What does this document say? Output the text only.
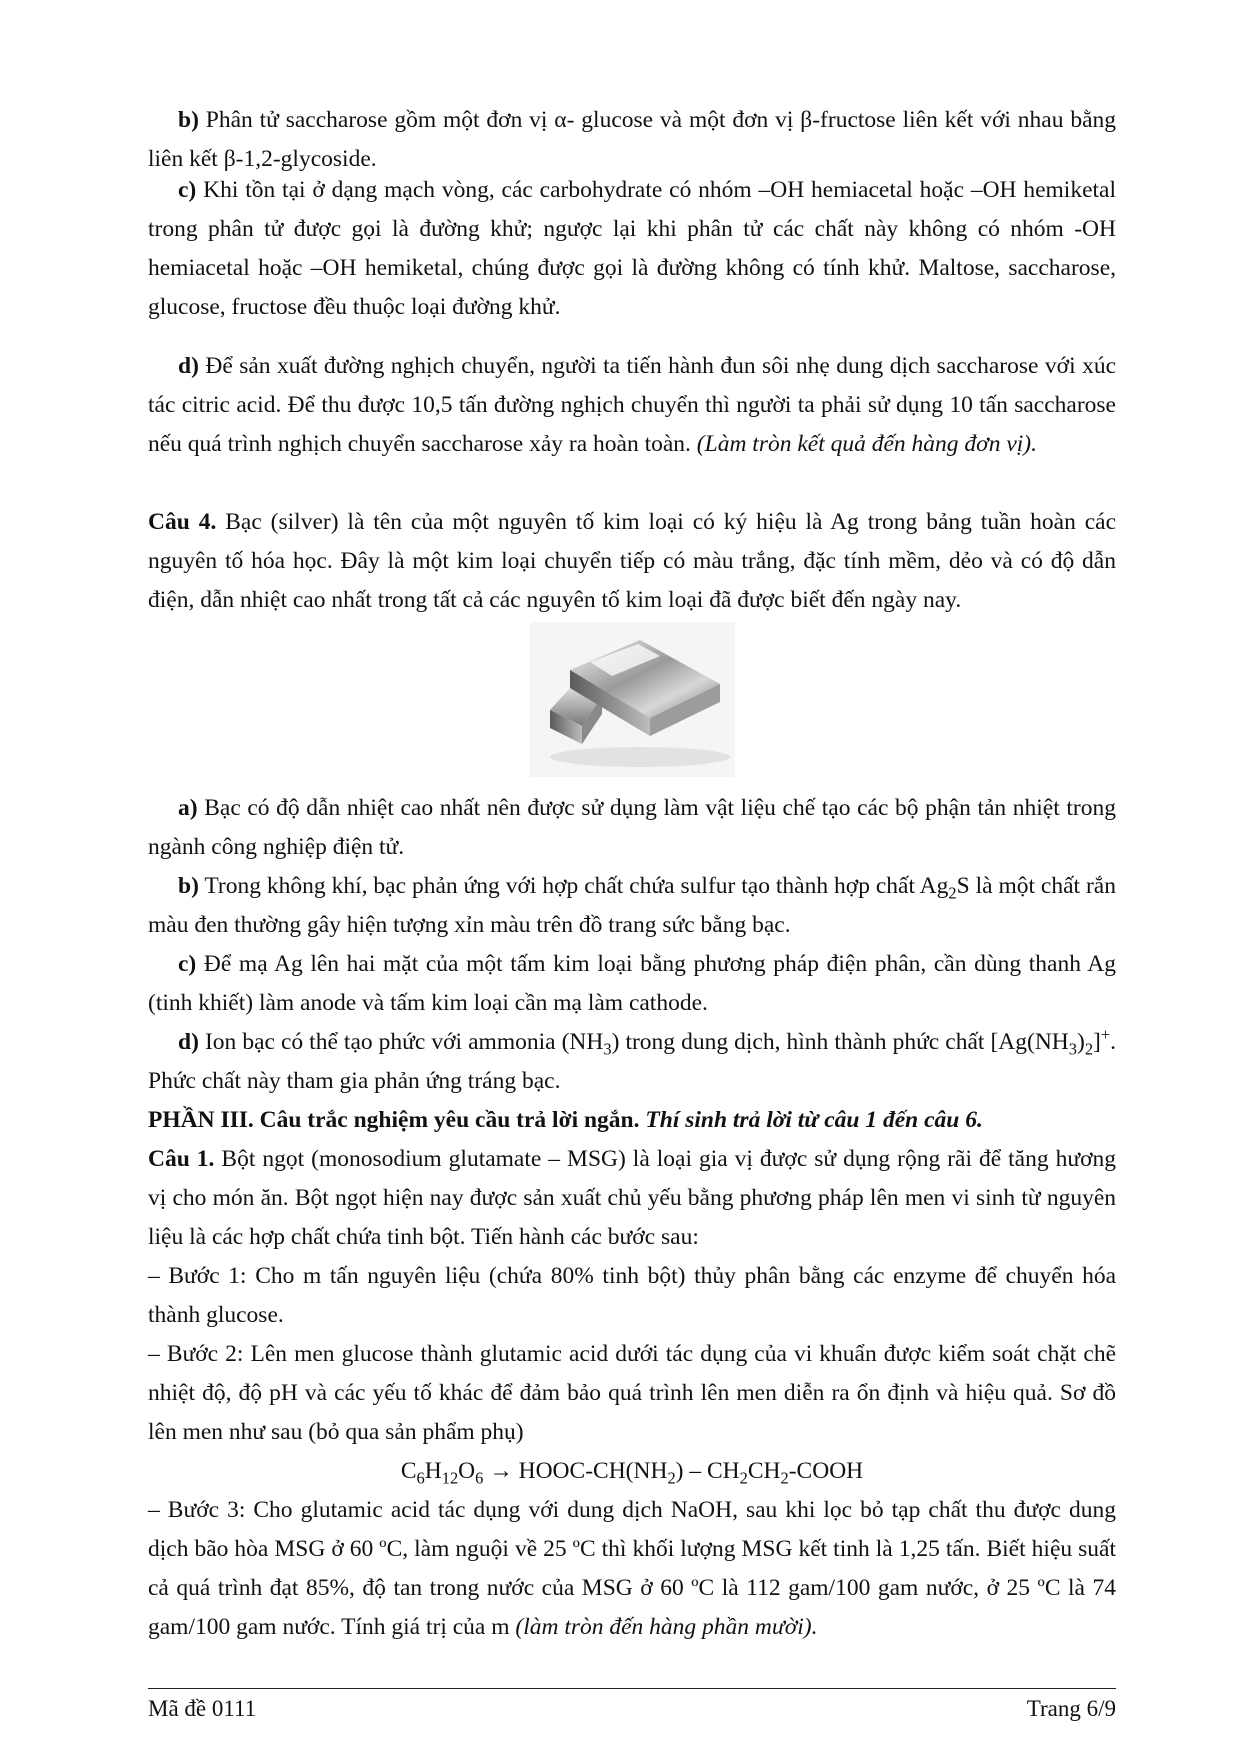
b) Phân tử saccharose gồm một đơn vị α- glucose và một đơn vị β-fructose liên kết với nhau bằng liên kết β-1,2-glycoside.

c) Khi tồn tại ở dạng mạch vòng, các carbohydrate có nhóm –OH hemiacetal hoặc –OH hemiketal trong phân tử được gọi là đường khử; ngược lại khi phân tử các chất này không có nhóm -OH hemiacetal hoặc –OH hemiketal, chúng được gọi là đường không có tính khử. Maltose, saccharose, glucose, fructose đều thuộc loại đường khử.

d) Để sản xuất đường nghịch chuyển, người ta tiến hành đun sôi nhẹ dung dịch saccharose với xúc tác citric acid. Để thu được 10,5 tấn đường nghịch chuyển thì người ta phải sử dụng 10 tấn saccharose nếu quá trình nghịch chuyển saccharose xảy ra hoàn toàn. (Làm tròn kết quả đến hàng đơn vị).

Câu 4. Bạc (silver) là tên của một nguyên tố kim loại có ký hiệu là Ag trong bảng tuần hoàn các nguyên tố hóa học. Đây là một kim loại chuyển tiếp có màu trắng, đặc tính mềm, dẻo và có độ dẫn điện, dẫn nhiệt cao nhất trong tất cả các nguyên tố kim loại đã được biết đến ngày nay.

a) Bạc có độ dẫn nhiệt cao nhất nên được sử dụng làm vật liệu chế tạo các bộ phận tản nhiệt trong ngành công nghiệp điện tử.

b) Trong không khí, bạc phản ứng với hợp chất chứa sulfur tạo thành hợp chất $Ag_2S$ là một chất rắn màu đen thường gây hiện tượng xỉn màu trên đồ trang sức bằng bạc.

c) Để mạ Ag lên hai mặt của một tấm kim loại bằng phương pháp điện phân, cần dùng thanh Ag (tinh khiết) làm anode và tấm kim loại cần mạ làm cathode.

d) Ion bạc có thể tạo phức với ammonia $(NH_3)$ trong dung dịch, hình thành phức chất $[Ag(NH_3)_2]^+$. Phức chất này tham gia phản ứng tráng bạc.

PHẦN III. Câu trắc nghiệm yêu cầu trả lời ngắn. Thí sinh trả lời từ câu 1 đến câu 6.

Câu 1. Bột ngọt (monosodium glutamate – MSG) là loại gia vị được sử dụng rộng rãi để tăng hương vị cho món ăn. Bột ngọt hiện nay được sản xuất chủ yếu bằng phương pháp lên men vi sinh từ nguyên liệu là các hợp chất chứa tinh bột. Tiến hành các bước sau:

– Bước 1: Cho m tấn nguyên liệu (chứa 80% tinh bột) thủy phân bằng các enzyme để chuyển hóa thành glucose.

– Bước 2: Lên men glucose thành glutamic acid dưới tác dụng của vi khuẩn được kiểm soát chặt chẽ nhiệt độ, độ pH và các yếu tố khác để đảm bảo quá trình lên men diễn ra ổn định và hiệu quả. Sơ đồ lên men như sau (bỏ qua sản phẩm phụ)

$C_6H_{12}O_6$ → HOOC-$CH(NH_2)$ – $CH_2CH_2$-COOH

– Bước 3: Cho glutamic acid tác dụng với dung dịch NaOH, sau khi lọc bỏ tạp chất thu được dung dịch bão hòa MSG ở 60 ºC, làm nguội về 25 ºC thì khối lượng MSG kết tinh là 1,25 tấn. Biết hiệu suất cả quá trình đạt 85%, độ tan trong nước của MSG ở 60 ºC là 112 gam/100 gam nước, ở 25 ºC là 74 gam/100 gam nước. Tính giá trị của m (làm tròn đến hàng phần mười).

Mã đề 0111	Trang 6/9
